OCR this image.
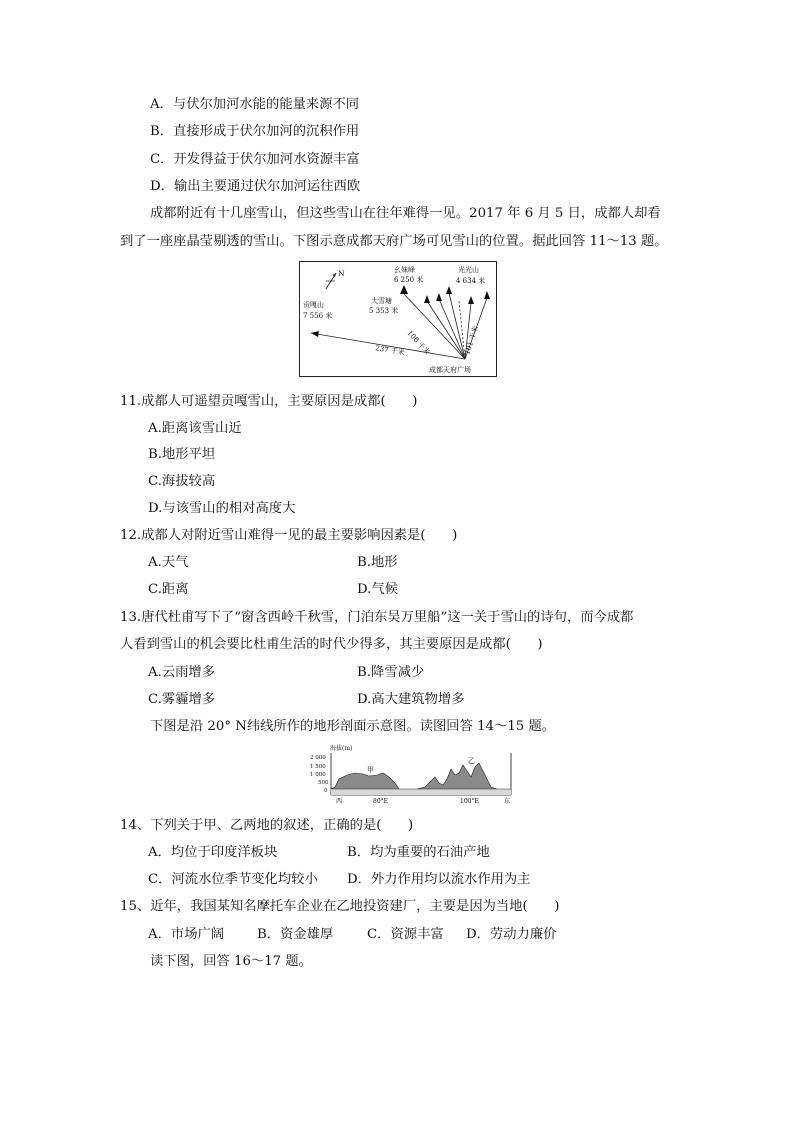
A．与伏尔加河水能的能量来源不同
B．直接形成于伏尔加河的沉积作用
C．开发得益于伏尔加河水资源丰富
D．输出主要通过伏尔加河运往西欧
成都附近有十几座雪山，但这些雪山在往年难得一见。2017 年 6 月 5 日，成都人却看
到了一座座晶莹剔透的雪山。下图示意成都天府广场可见雪山的位置。据此回答 11～13 题。
N
贡嘎山
7 556 米
幺妹峰
6 250 米
大雪塘
5 353 米
光光山
4 634 米
237 千米 106 千米	101 千米
成都天府广场
11.成都人可遥望贡嘎雪山，主要原因是成都(　　)
A.距离该雪山近
B.地形平坦
C.海拔较高
D.与该雪山的相对高度大
12.成都人对附近雪山难得一见的最主要影响因素是(　　)
A.天气	B.地形
C.距离	D.气候
13.唐代杜甫写下了“窗含西岭千秋雪，门泊东吴万里船”这一关于雪山的诗句，而今成都
人看到雪山的机会要比杜甫生活的时代少得多，其主要原因是成都(　　)
A.云雨增多	B.降雪减少
C.雾霾增多	D.高大建筑物增多
下图是沿 20° N纬线所作的地形剖面示意图。读图回答 14～15 题。
海拔(m)
2 000
1 500
1 000
500
0
甲
乙
西	80°E	100°E	东
14、下列关于甲、乙两地的叙述，正确的是(　　)
A．均位于印度洋板块	B．均为重要的石油产地
C．河流水位季节变化均较小 D．外力作用均以流水作用为主
15、近年，我国某知名摩托车企业在乙地投资建厂，主要是因为当地(　　)
A．市场广阔 B．资金雄厚	C．资源丰富 D．劳动力廉价
读下图，回答 16～17 题。
